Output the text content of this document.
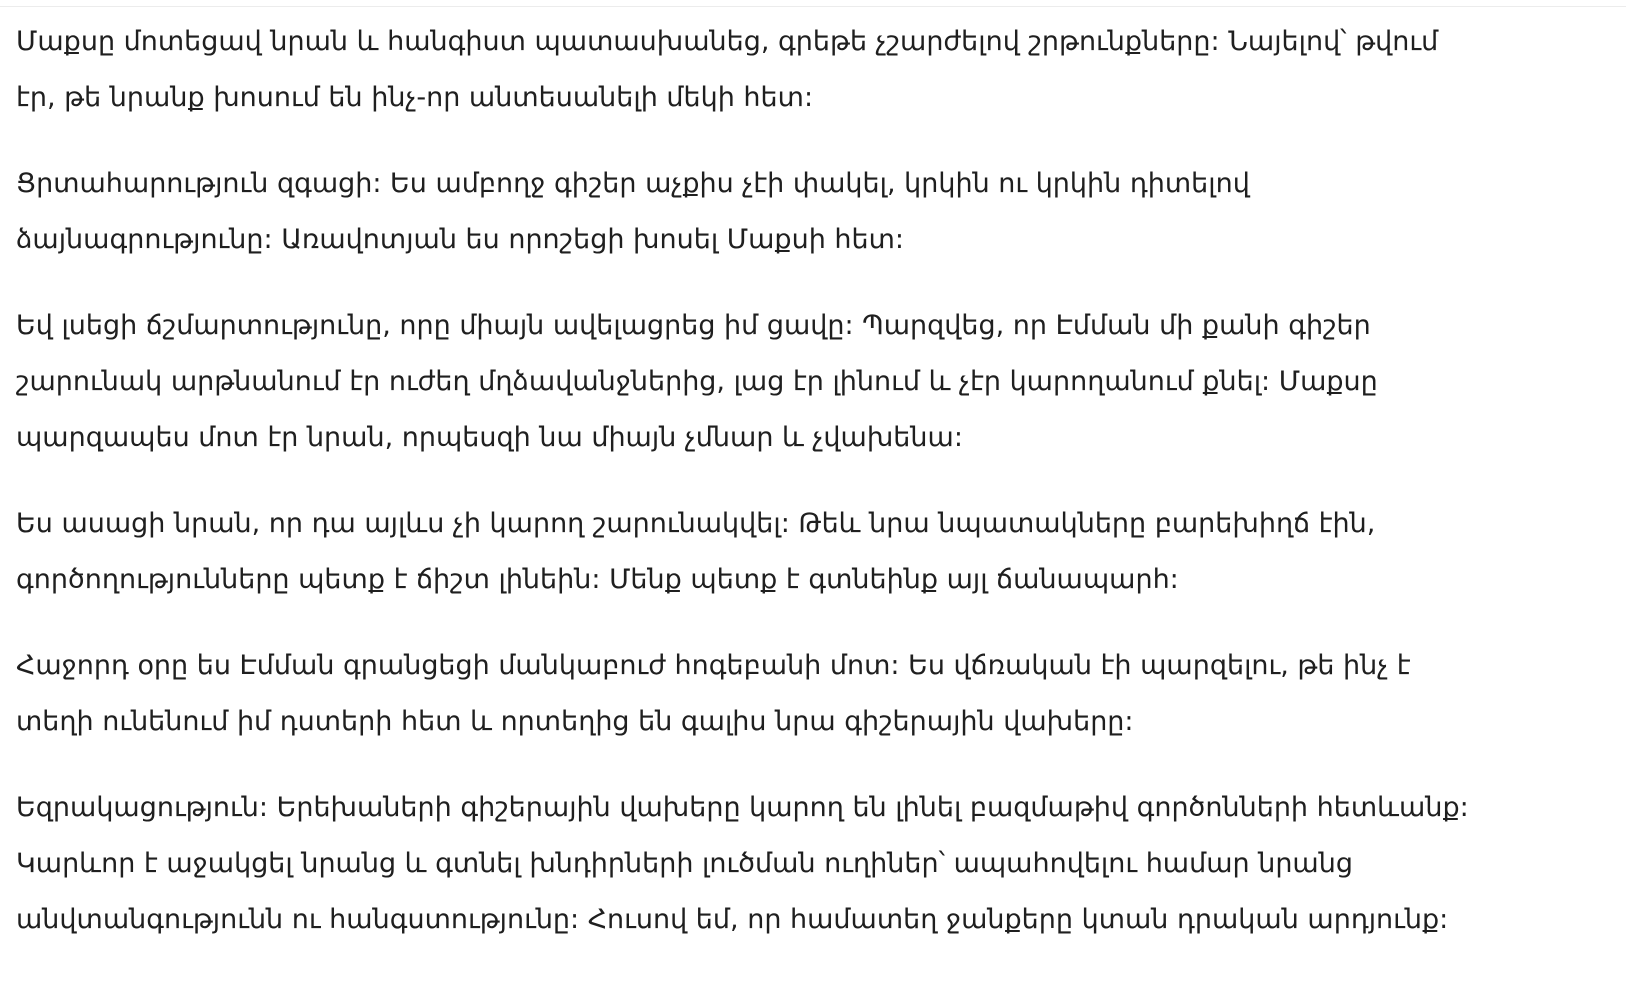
Մաքսը մոտեցավ նրան և հանգիստ պատասխանեց, գրեթե չշարժելով շրթունքները: Նայելով՝ թվում
էր, թե նրանք խոսում են ինչ-որ անտեսանելի մեկի հետ:

Ցրտահարություն զգացի: Ես ամբողջ գիշեր աչքիս չէի փակել, կրկին ու կրկին դիտելով
ձայնագրությունը: Առավոտյան ես որոշեցի խոսել Մաքսի հետ:

Եվ լսեցի ճշմարտությունը, որը միայն ավելացրեց իմ ցավը: Պարզվեց, որ Էմման մի քանի գիշեր
շարունակ արթնանում էր ուժեղ մղձավանջներից, լաց էր լինում և չէր կարողանում քնել: Մաքսը
պարզապես մոտ էր նրան, որպեսզի նա միայն չմնար և չվախենա:

Ես ասացի նրան, որ դա այլևս չի կարող շարունակվել: Թեև նրա նպատակները բարեխիղճ էին,
գործողությունները պետք է ճիշտ լինեին: Մենք պետք է գտնեինք այլ ճանապարհ:

Հաջորդ օրը ես Էմման գրանցեցի մանկաբուժ հոգեբանի մոտ: Ես վճռական էի պարզելու, թե ինչ է
տեղի ունենում իմ դստերի հետ և որտեղից են գալիս նրա գիշերային վախերը:

Եզրակացություն: Երեխաների գիշերային վախերը կարող են լինել բազմաթիվ գործոնների հետևանք:
Կարևոր է աջակցել նրանց և գտնել խնդիրների լուծման ուղիներ՝ ապահովելու համար նրանց
անվտանգությունն ու հանգստությունը: Հուսով եմ, որ համատեղ ջանքերը կտան դրական արդյունք:
